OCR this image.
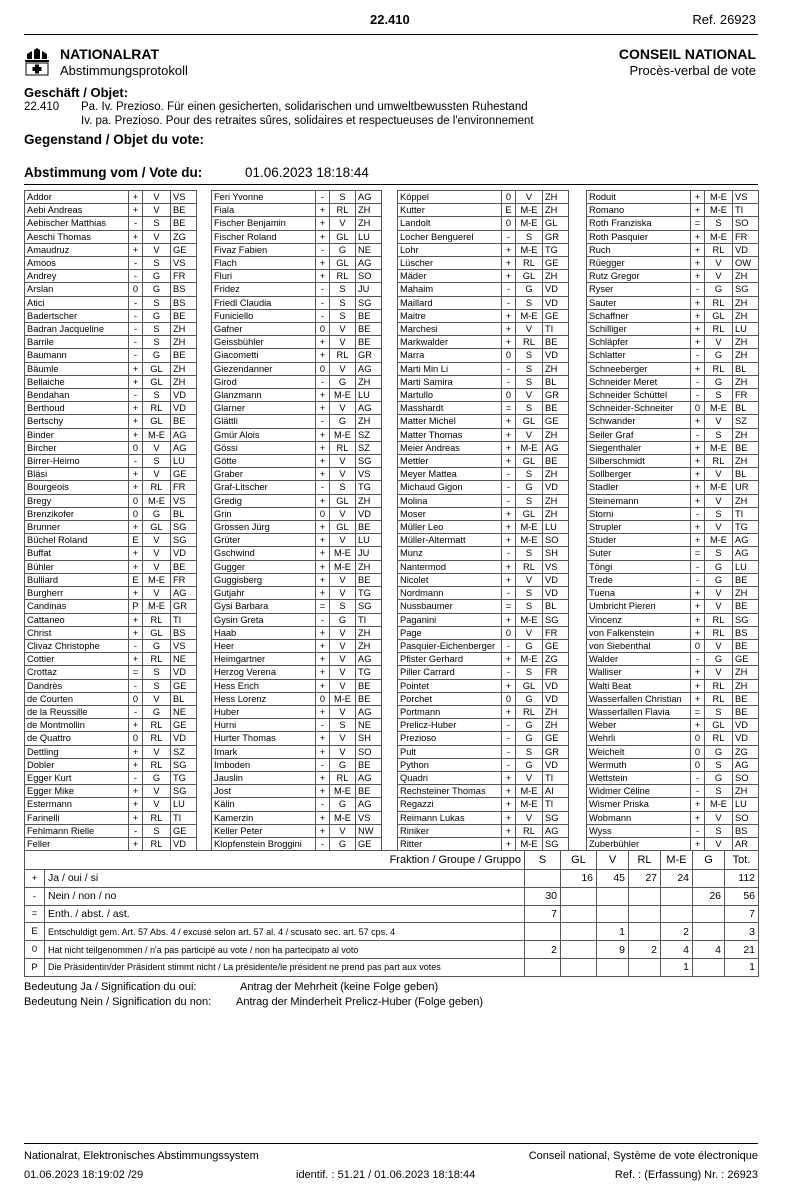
22.410	Ref. 26923
NATIONALRAT
Abstimmungsprotokoll
CONSEIL NATIONAL
Procès-verbal de vote
Geschäft / Objet:
22.410 Pa. Iv. Prezioso. Für einen gesicherten, solidarischen und umweltbewussten Ruhestand
Iv. pa. Prezioso. Pour des retraites sûres, solidaires et respectueuses de l'environnement
Gegenstand / Objet du vote:
Abstimmung vom / Vote du:	01.06.2023 18:18:44
Addor	+	V	VS
Aebi Andreas	+	V	BE
Aebischer Matthias	-	S	BE
Aeschi Thomas	+	V	ZG
Amaudruz	+	V	GE
Amoos	-	S	VS
Andrey	-	G	FR
Arslan	0	G	BS
Atici	-	S	BS
Badertscher	-	G	BE
Badran Jacqueline	-	S	ZH
Barrile	-	S	ZH
Baumann	-	G	BE
Bäumle	+	GL	ZH
Bellaiche	+	GL	ZH
Bendahan	-	S	VD
Berthoud	+	RL	VD
Bertschy	+	GL	BE
Binder	+	M-E	AG
Bircher	0	V	AG
Birrer-Heimo	-	S	LU
Bläsi	+	V	GE
Bourgeois	+	RL	FR
Bregy	0	M-E	VS
Brenzikofer	0	G	BL
Brunner	+	GL	SG
Büchel Roland	E	V	SG
Buffat	+	V	VD
Bühler	+	V	BE
Bulliard	E	M-E	FR
Burgherr	+	V	AG
Candinas	P	M-E	GR
Cattaneo	+	RL	TI
Christ	+	GL	BS
Clivaz Christophe	-	G	VS
Cottier	+	RL	NE
Crottaz	=	S	VD
Dandrès	-	S	GE
de Courten	0	V	BL
de la Reussille	-	G	NE
de Montmollin	+	RL	GE
de Quattro	0	RL	VD
Dettling	+	V	SZ
Dobler	+	RL	SG
Egger Kurt	-	G	TG
Egger Mike	+	V	SG
Estermann	+	V	LU
Farinelli	+	RL	TI
Fehlmann Rielle	-	S	GE
Feller	+	RL	VD
Feri Yvonne	-	S	AG
Fiala	+	RL	ZH
Fischer Benjamin	+	V	ZH
Fischer Roland	+	GL	LU
Fivaz Fabien	-	G	NE
Flach	+	GL	AG
Fluri	+	RL	SO
Fridez	-	S	JU
Friedl Claudia	-	S	SG
Funiciello	-	S	BE
Gafner	0	V	BE
Geissbühler	+	V	BE
Giacometti	+	RL	GR
Giezendanner	0	V	AG
Girod	-	G	ZH
Glanzmann	+	M-E	LU
Glarner	+	V	AG
Glättli	-	G	ZH
Gmür Alois	+	M-E	SZ
Gössi	+	RL	SZ
Götte	+	V	SG
Graber	+	V	VS
Graf-Litscher	-	S	TG
Gredig	+	GL	ZH
Grin	0	V	VD
Grossen Jürg	+	GL	BE
Grüter	+	V	LU
Gschwind	+	M-E	JU
Gugger	+	M-E	ZH
Guggisberg	+	V	BE
Gutjahr	+	V	TG
Gysi Barbara	=	S	SG
Gysin Greta	-	G	TI
Haab	+	V	ZH
Heer	+	V	ZH
Heimgartner	+	V	AG
Herzog Verena	+	V	TG
Hess Erich	+	V	BE
Hess Lorenz	0	M-E	BE
Huber	+	V	AG
Hurni	-	S	NE
Hurter Thomas	+	V	SH
Imark	+	V	SO
Imboden	-	G	BE
Jauslin	+	RL	AG
Jost	+	M-E	BE
Kälin	-	G	AG
Kamerzin	+	M-E	VS
Keller Peter	+	V	NW
Klopfenstein Broggini	-	G	GE
Köppel	0	V	ZH
Kutter	E	M-E	ZH
Landolt	0	M-E	GL
Locher Benguerel	-	S	GR
Lohr	+	M-E	TG
Lüscher	+	RL	GE
Mäder	+	GL	ZH
Mahaim	-	G	VD
Maillard	-	S	VD
Maitre	+	M-E	GE
Marchesi	+	V	TI
Markwalder	+	RL	BE
Marra	0	S	VD
Marti Min Li	-	S	ZH
Marti Samira	-	S	BL
Martullo	0	V	GR
Masshardt	=	S	BE
Matter Michel	+	GL	GE
Matter Thomas	+	V	ZH
Meier Andreas	+	M-E	AG
Mettler	+	GL	BE
Meyer Mattea	-	S	ZH
Michaud Gigon	-	G	VD
Molina	-	S	ZH
Moser	+	GL	ZH
Müller Leo	+	M-E	LU
Müller-Altermatt	+	M-E	SO
Munz	-	S	SH
Nantermod	+	RL	VS
Nicolet	+	V	VD
Nordmann	-	S	VD
Nussbaumer	=	S	BL
Paganini	+	M-E	SG
Page	0	V	FR
Pasquier-Eichenberger	-	G	GE
Pfister Gerhard	+	M-E	ZG
Piller Carrard	-	S	FR
Pointet	+	GL	VD
Porchet	0	G	VD
Portmann	+	RL	ZH
Prelicz-Huber	-	G	ZH
Prezioso	-	G	GE
Pult	-	S	GR
Python	-	G	VD
Quadri	+	V	TI
Rechsteiner Thomas	+	M-E	AI
Regazzi	+	M-E	TI
Reimann Lukas	+	V	SG
Riniker	+	RL	AG
Ritter	+	M-E	SG
Roduit	+	M-E	VS
Romano	+	M-E	TI
Roth Franziska	=	S	SO
Roth Pasquier	+	M-E	FR
Ruch	+	RL	VD
Rüegger	+	V	OW
Rutz Gregor	+	V	ZH
Ryser	-	G	SG
Sauter	+	RL	ZH
Schaffner	+	GL	ZH
Schilliger	+	RL	LU
Schläpfer	+	V	ZH
Schlatter	-	G	ZH
Schneeberger	+	RL	BL
Schneider Meret	-	G	ZH
Schneider Schüttel	-	S	FR
Schneider-Schneiter	0	M-E	BL
Schwander	+	V	SZ
Seiler Graf	-	S	ZH
Siegenthaler	+	M-E	BE
Silberschmidt	+	RL	ZH
Sollberger	+	V	BL
Stadler	+	M-E	UR
Steinemann	+	V	ZH
Storni	-	S	TI
Strupler	+	V	TG
Studer	+	M-E	AG
Suter	=	S	AG
Töngi	-	G	LU
Trede	-	G	BE
Tuena	+	V	ZH
Umbricht Pieren	+	V	BE
Vincenz	+	RL	SG
von Falkenstein	+	RL	BS
von Siebenthal	0	V	BE
Walder	-	G	GE
Walliser	+	V	ZH
Walti Beat	+	RL	ZH
Wasserfallen Christian	+	RL	BE
Wasserfallen Flavia	=	S	BE
Weber	+	GL	VD
Wehrli	0	RL	VD
Weichelt	0	G	ZG
Wermuth	0	S	AG
Wettstein	-	G	SO
Widmer Céline	-	S	ZH
Wismer Priska	+	M-E	LU
Wobmann	+	V	SO
Wyss	-	S	BS
Zuberbühler	+	V	AR
Fraktion / Groupe / Gruppo		S	GL	V	RL	M-E	G	Tot.
+	Ja / oui / si		16	45	27	24		112
-	Nein / non / no	30					26	56
=	Enth. / abst. / ast.	7						7
E	Entschuldigt gem. Art. 57 Abs. 4 / excusé selon art. 57 al. 4 / scusato sec. art. 57 cps. 4			1		2		3
0	Hat nicht teilgenommen / n'a pas participé au vote / non ha partecipato al voto	2		9	2	4	4	21
P	Die Präsidentin/der Präsident stimmt nicht / La présidente/le président ne prend pas part aux votes					1		1
Bedeutung Ja / Signification du oui:	Antrag der Mehrheit (keine Folge geben)
Bedeutung Nein / Signification du non: Antrag der Minderheit Prelicz-Huber (Folge geben)
Nationalrat, Elektronisches Abstimmungssystem
01.06.2023 18:19:02 /29	identif. : 51.21 / 01.06.2023 18:18:44
Conseil national, Système de vote électronique
Ref. : (Erfassung) Nr. : 26923
